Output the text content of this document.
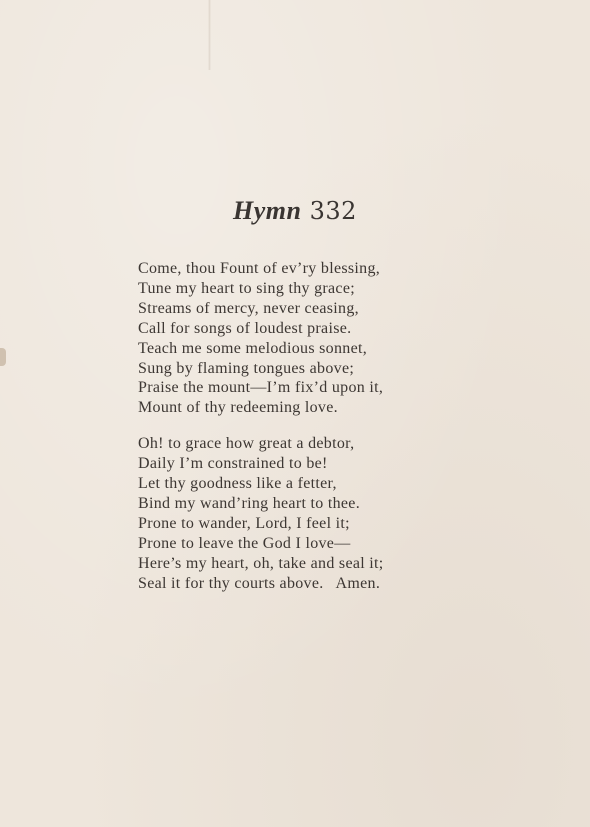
Hymn 332
Come, thou Fount of ev’ry blessing,
Tune my heart to sing thy grace;
Streams of mercy, never ceasing,
Call for songs of loudest praise.
Teach me some melodious sonnet,
Sung by flaming tongues above;
Praise the mount—I’m fix’d upon it,
Mount of thy redeeming love.
Oh! to grace how great a debtor,
Daily I’m constrained to be!
Let thy goodness like a fetter,
Bind my wand’ring heart to thee.
Prone to wander, Lord, I feel it;
Prone to leave the God I love—
Here’s my heart, oh, take and seal it;
Seal it for thy courts above.   Amen.
